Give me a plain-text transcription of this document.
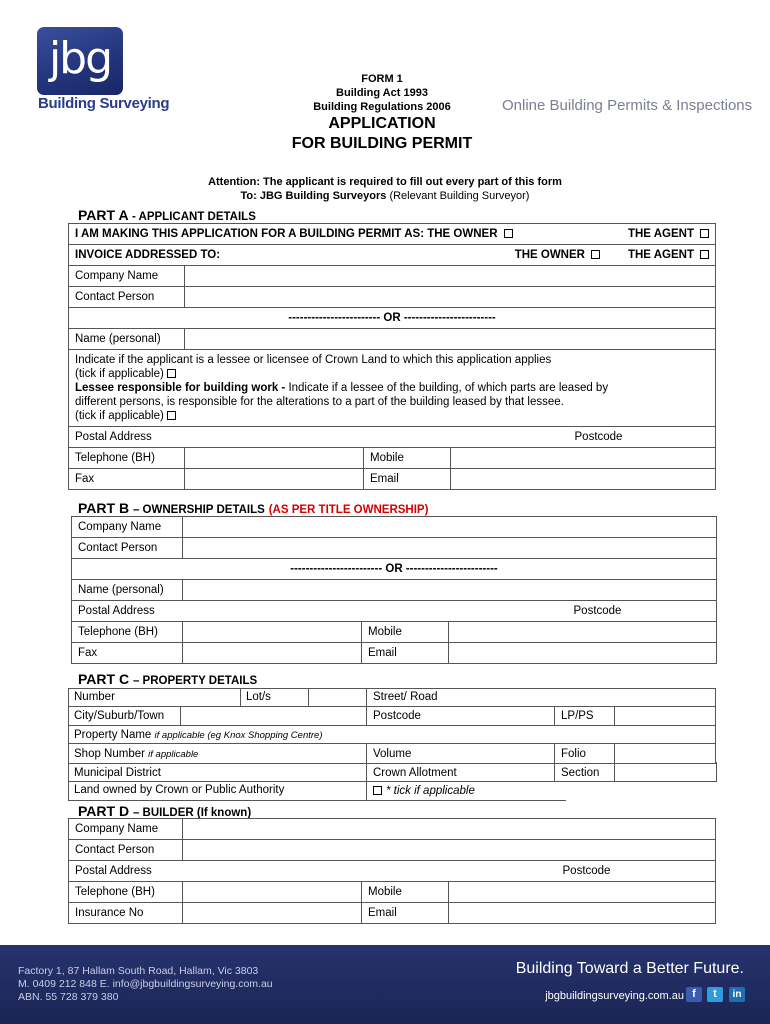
jbg
Building Surveying	Online Building Permits & Inspections
FORM 1
Building Act 1993
Building Regulations 2006
APPLICATION
FOR BUILDING PERMIT
Attention: The applicant is required to fill out every part of this form
To: JBG Building Surveyors (Relevant Building Surveyor)
PART A - APPLICANT DETAILS
I AM MAKING THIS APPLICATION FOR A BUILDING PERMIT AS: THE OWNER THE AGENT			

INVOICE ADDRESSED TO: THE OWNER THE AGENT			

Company Name			
Contact Person			
------------------------ OR ------------------------			
Name (personal)			

Indicate if the applicant is a lessee or licensee of Crown Land to which this application applies
(tick if applicable)
Lessee responsible for building work - Indicate if a lessee of the building, of which parts are leased by
different persons, is responsible for the alterations to a part of the building leased by that lessee.
(tick if applicable)			

Postal Address Postcode			

Telephone (BH)		Mobile	
Fax		Email	
PART B – OWNERSHIP DETAILS (AS PER TITLE OWNERSHIP)
Company Name			
Contact Person			
------------------------ OR ------------------------			
Name (personal)			
Postal Address Postcode			

Telephone (BH)		Mobile	
Fax		Email	
PART C – PROPERTY DETAILS
Number	Lot/s	Street/ Road
City/Suburb/Town	Postcode	LP/PS
Property Name if applicable (eg Knox Shopping Centre)
Shop Number if applicable	Volume	Folio
Municipal District	Crown Allotment	Section
Land owned by Crown or Public Authority	* tick if applicable
PART D – BUILDER (If known)
Company Name			
Contact Person			
Postal Address Postcode			

Telephone (BH)		Mobile	
Insurance No		Email	
Factory 1, 87 Hallam South Road, Hallam, Vic 3803
M. 0409 212 848 E. info@jbgbuildingsurveying.com.au
ABN. 55 728 379 380
Building Toward a Better Future.
jbgbuildingsurveying.com.au f	t	in
